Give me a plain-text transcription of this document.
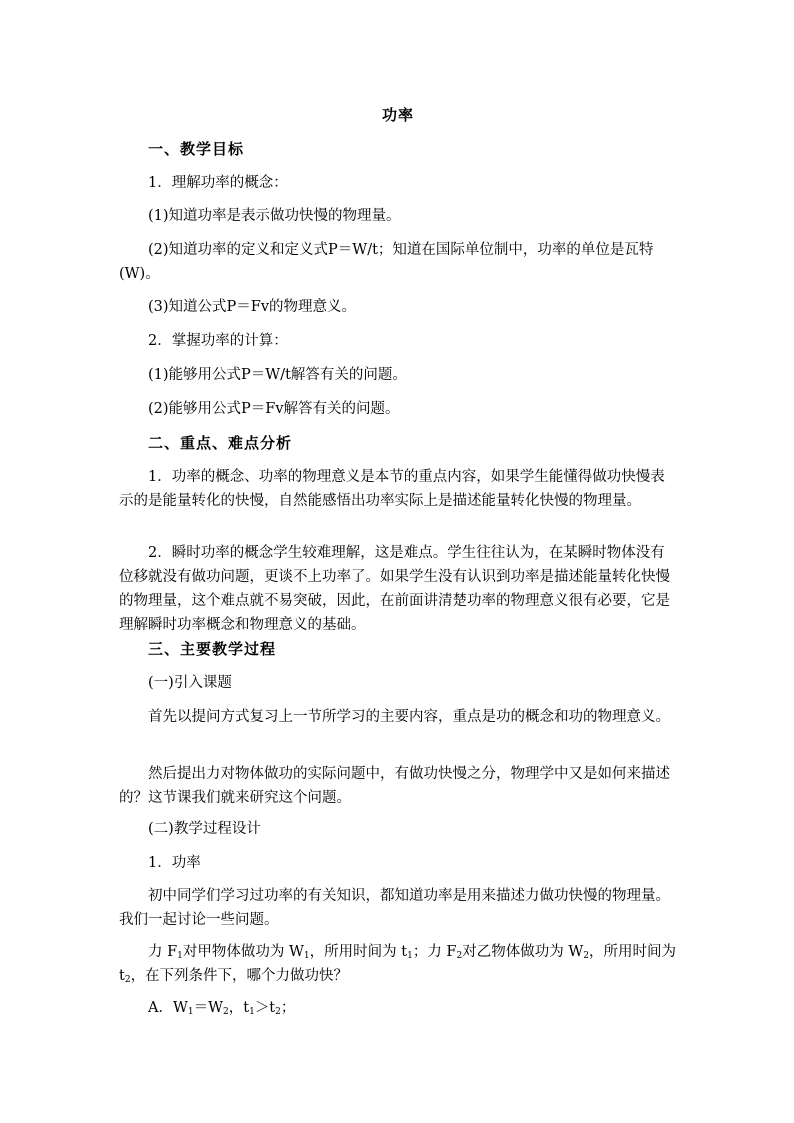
功率
一、教学目标
1．理解功率的概念：
(1)知道功率是表示做功快慢的物理量。
(2)知道功率的定义和定义式P＝W/t；知道在国际单位制中，功率的单位是瓦特(W)。
(3)知道公式P＝Fv的物理意义。
2．掌握功率的计算：
(1)能够用公式P＝W/t解答有关的问题。
(2)能够用公式P＝Fv解答有关的问题。
二、重点、难点分析
1．功率的概念、功率的物理意义是本节的重点内容，如果学生能懂得做功快慢表示的是能量转化的快慢，自然能感悟出功率实际上是描述能量转化快慢的物理量。
2．瞬时功率的概念学生较难理解，这是难点。学生往往认为，在某瞬时物体没有位移就没有做功问题，更谈不上功率了。如果学生没有认识到功率是描述能量转化快慢的物理量，这个难点就不易突破，因此，在前面讲清楚功率的物理意义很有必要，它是理解瞬时功率概念和物理意义的基础。
三、主要教学过程
(一)引入课题
首先以提问方式复习上一节所学习的主要内容，重点是功的概念和功的物理意义。
然后提出力对物体做功的实际问题中，有做功快慢之分，物理学中又是如何来描述的？这节课我们就来研究这个问题。
(二)教学过程设计
1．功率
初中同学们学习过功率的有关知识，都知道功率是用来描述力做功快慢的物理量。我们一起讨论一些问题。
力 $F_1$对甲物体做功为 $W_1$，所用时间为 $t_1$；力 $F_2$对乙物体做功为 $W_2$，所用时间为 $t_2$，在下列条件下，哪个力做功快？
A．$W_1=W_2$，$t_1>t_2$；
